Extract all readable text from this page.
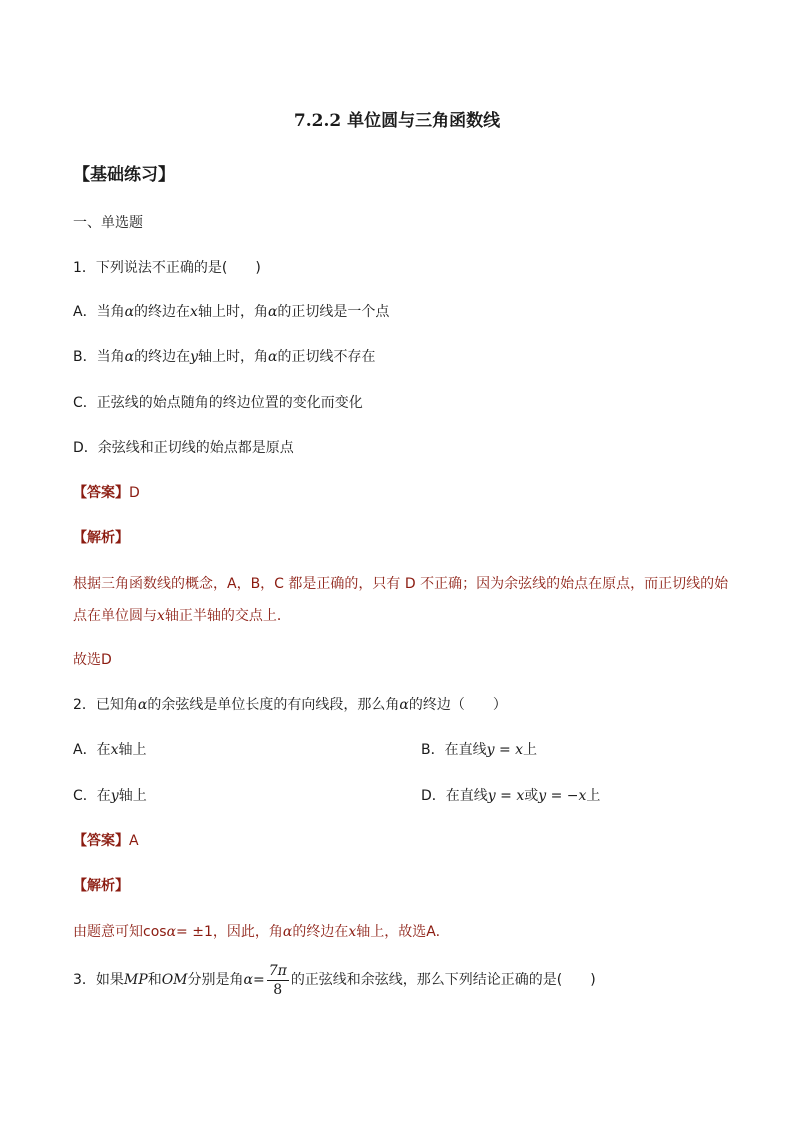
7.2.2 单位圆与三角函数线
【基础练习】
一、单选题
1．下列说法不正确的是(　　)
A．当角α的终边在x轴上时，角α的正切线是一个点
B．当角α的终边在y轴上时，角α的正切线不存在
C．正弦线的始点随角的终边位置的变化而变化
D．余弦线和正切线的始点都是原点
【答案】D
【解析】
根据三角函数线的概念，A，B，C 都是正确的，只有 D 不正确；因为余弦线的始点在原点，而正切线的始
点在单位圆与x轴正半轴的交点上．
故选D
2．已知角α的余弦线是单位长度的有向线段，那么角α的终边（　　）
A．在x轴上	B．在直线y = x上
C．在y轴上	D．在直线y = x或y = −x上
【答案】A
【解析】
由题意可知cosα= ±1，因此，角α的终边在x轴上，故选A.
3．如果MP和OM分别是角$\alpha= \frac{7\pi}{8}$ 的正弦线和余弦线，那么下列结论正确的是(　　)
